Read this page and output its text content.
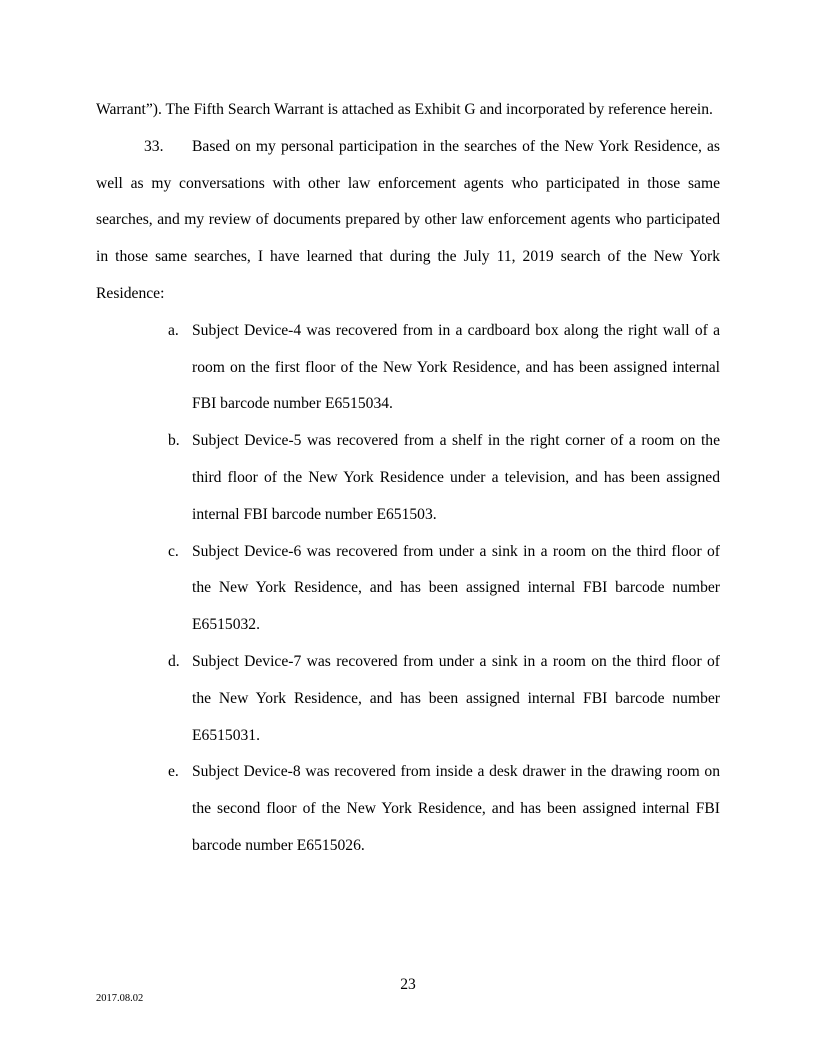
Warrant”). The Fifth Search Warrant is attached as Exhibit G and incorporated by reference herein.

33. Based on my personal participation in the searches of the New York Residence, as well as my conversations with other law enforcement agents who participated in those same searches, and my review of documents prepared by other law enforcement agents who participated in those same searches, I have learned that during the July 11, 2019 search of the New York Residence:

a. Subject Device-4 was recovered from in a cardboard box along the right wall of a room on the first floor of the New York Residence, and has been assigned internal FBI barcode number E6515034.
b. Subject Device-5 was recovered from a shelf in the right corner of a room on the third floor of the New York Residence under a television, and has been assigned internal FBI barcode number E651503.
c. Subject Device-6 was recovered from under a sink in a room on the third floor of the New York Residence, and has been assigned internal FBI barcode number E6515032.
d. Subject Device-7 was recovered from under a sink in a room on the third floor of the New York Residence, and has been assigned internal FBI barcode number E6515031.
e. Subject Device-8 was recovered from inside a desk drawer in the drawing room on the second floor of the New York Residence, and has been assigned internal FBI barcode number E6515026.
23
2017.08.02
